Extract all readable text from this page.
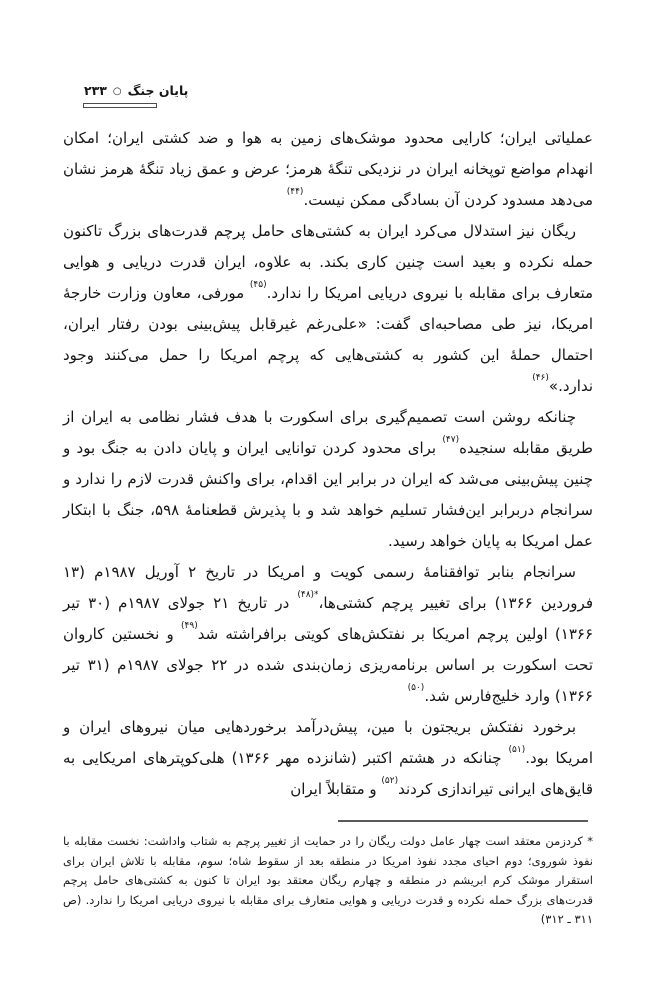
پایان جنگ
○
۲۳۳

عملیاتی ایران؛ کارایی محدود موشک‌های زمین به هوا و ضد کشتی ایران؛ امکان انهدام مواضع توپخانه ایران در نزدیکی تنگهٔ هرمز؛ عرض و عمق زیاد تنگهٔ هرمز نشان می‌دهد مسدود کردن آن بسادگی ممکن نیست.$^{(۴۴)}$

ریگان نیز استدلال می‌کرد ایران به کشتی‌های حامل پرچم قدرت‌های بزرگ تاکنون حمله نکرده و بعید است چنین کاری بکند. به علاوه، ایران قدرت دریایی و هوایی متعارف برای مقابله با نیروی دریایی امریکا را ندارد.$^{(۴۵)}$ مورفی، معاون وزارت خارجهٔ امریکا، نیز طی مصاحبه‌ای گفت: «علی‌رغم غیرقابل پیش‌بینی بودن رفتار ایران، احتمال حملهٔ این کشور به کشتی‌هایی که پرچم امریکا را حمل می‌کنند وجود ندارد.»$^{(۴۶)}$

چنانکه روشن است تصمیم‌گیری برای اسکورت با هدف فشار نظامی به ایران از طریق مقابله سنجیده$^{(۴۷)}$ برای محدود کردن توانایی ایران و پایان دادن به جنگ بود و چنین پیش‌بینی می‌شد که ایران در برابر این اقدام، برای واکنش قدرت لازم را ندارد و سرانجام دربرابر این‌فشار تسلیم خواهد شد و با پذیرش قطعنامهٔ ۵۹۸، جنگ با ابتکار عمل امریکا به پایان خواهد رسید.

سرانجام بنابر توافقنامهٔ رسمی کویت و امریکا در تاریخ ۲ آوریل ۱۹۸۷م (۱۳ فروردین ۱۳۶۶) برای تغییر پرچم کشتی‌ها،$^{*(۴۸)}$ در تاریخ ۲۱ جولای ۱۹۸۷م (۳۰ تیر ۱۳۶۶) اولین پرچم امریکا بر نفتکش‌های کویتی برافراشته شد$^{(۴۹)}$ و نخستین کاروان تحت اسکورت بر اساس برنامه‌ریزی زمان‌بندی شده در ۲۲ جولای ۱۹۸۷م (۳۱ تیر ۱۳۶۶) وارد خلیج‌فارس شد.$^{(۵۰)}$

برخورد نفتکش بریجتون با مین، پیش‌درآمد برخوردهایی میان نیروهای ایران و امریکا بود.$^{(۵۱)}$ چنانکه در هشتم اکتبر (شانزده مهر ۱۳۶۶) هلی‌کوپترهای امریکایی به قایق‌های ایرانی تیراندازی کردند$^{(۵۲)}$ و متقابلاً ایران

* کردزمن معتقد است چهار عامل دولت ریگان را در حمایت از تغییر پرچم به شتاب واداشت: نخست مقابله با نفوذ شوروی؛ دوم احیای مجدد نفوذ امریکا در منطقه بعد از سقوط شاه؛ سوم، مقابله با تلاش ایران برای استقرار موشک کرم ابریشم در منطقه و چهارم ریگان معتقد بود ایران تا کنون به کشتی‌های حامل پرچم قدرت‌های بزرگ حمله نکرده و قدرت دریایی و هوایی متعارف برای مقابله با نیروی دریایی امریکا را ندارد. (ص ۳۱۱ ـ ۳۱۲)
